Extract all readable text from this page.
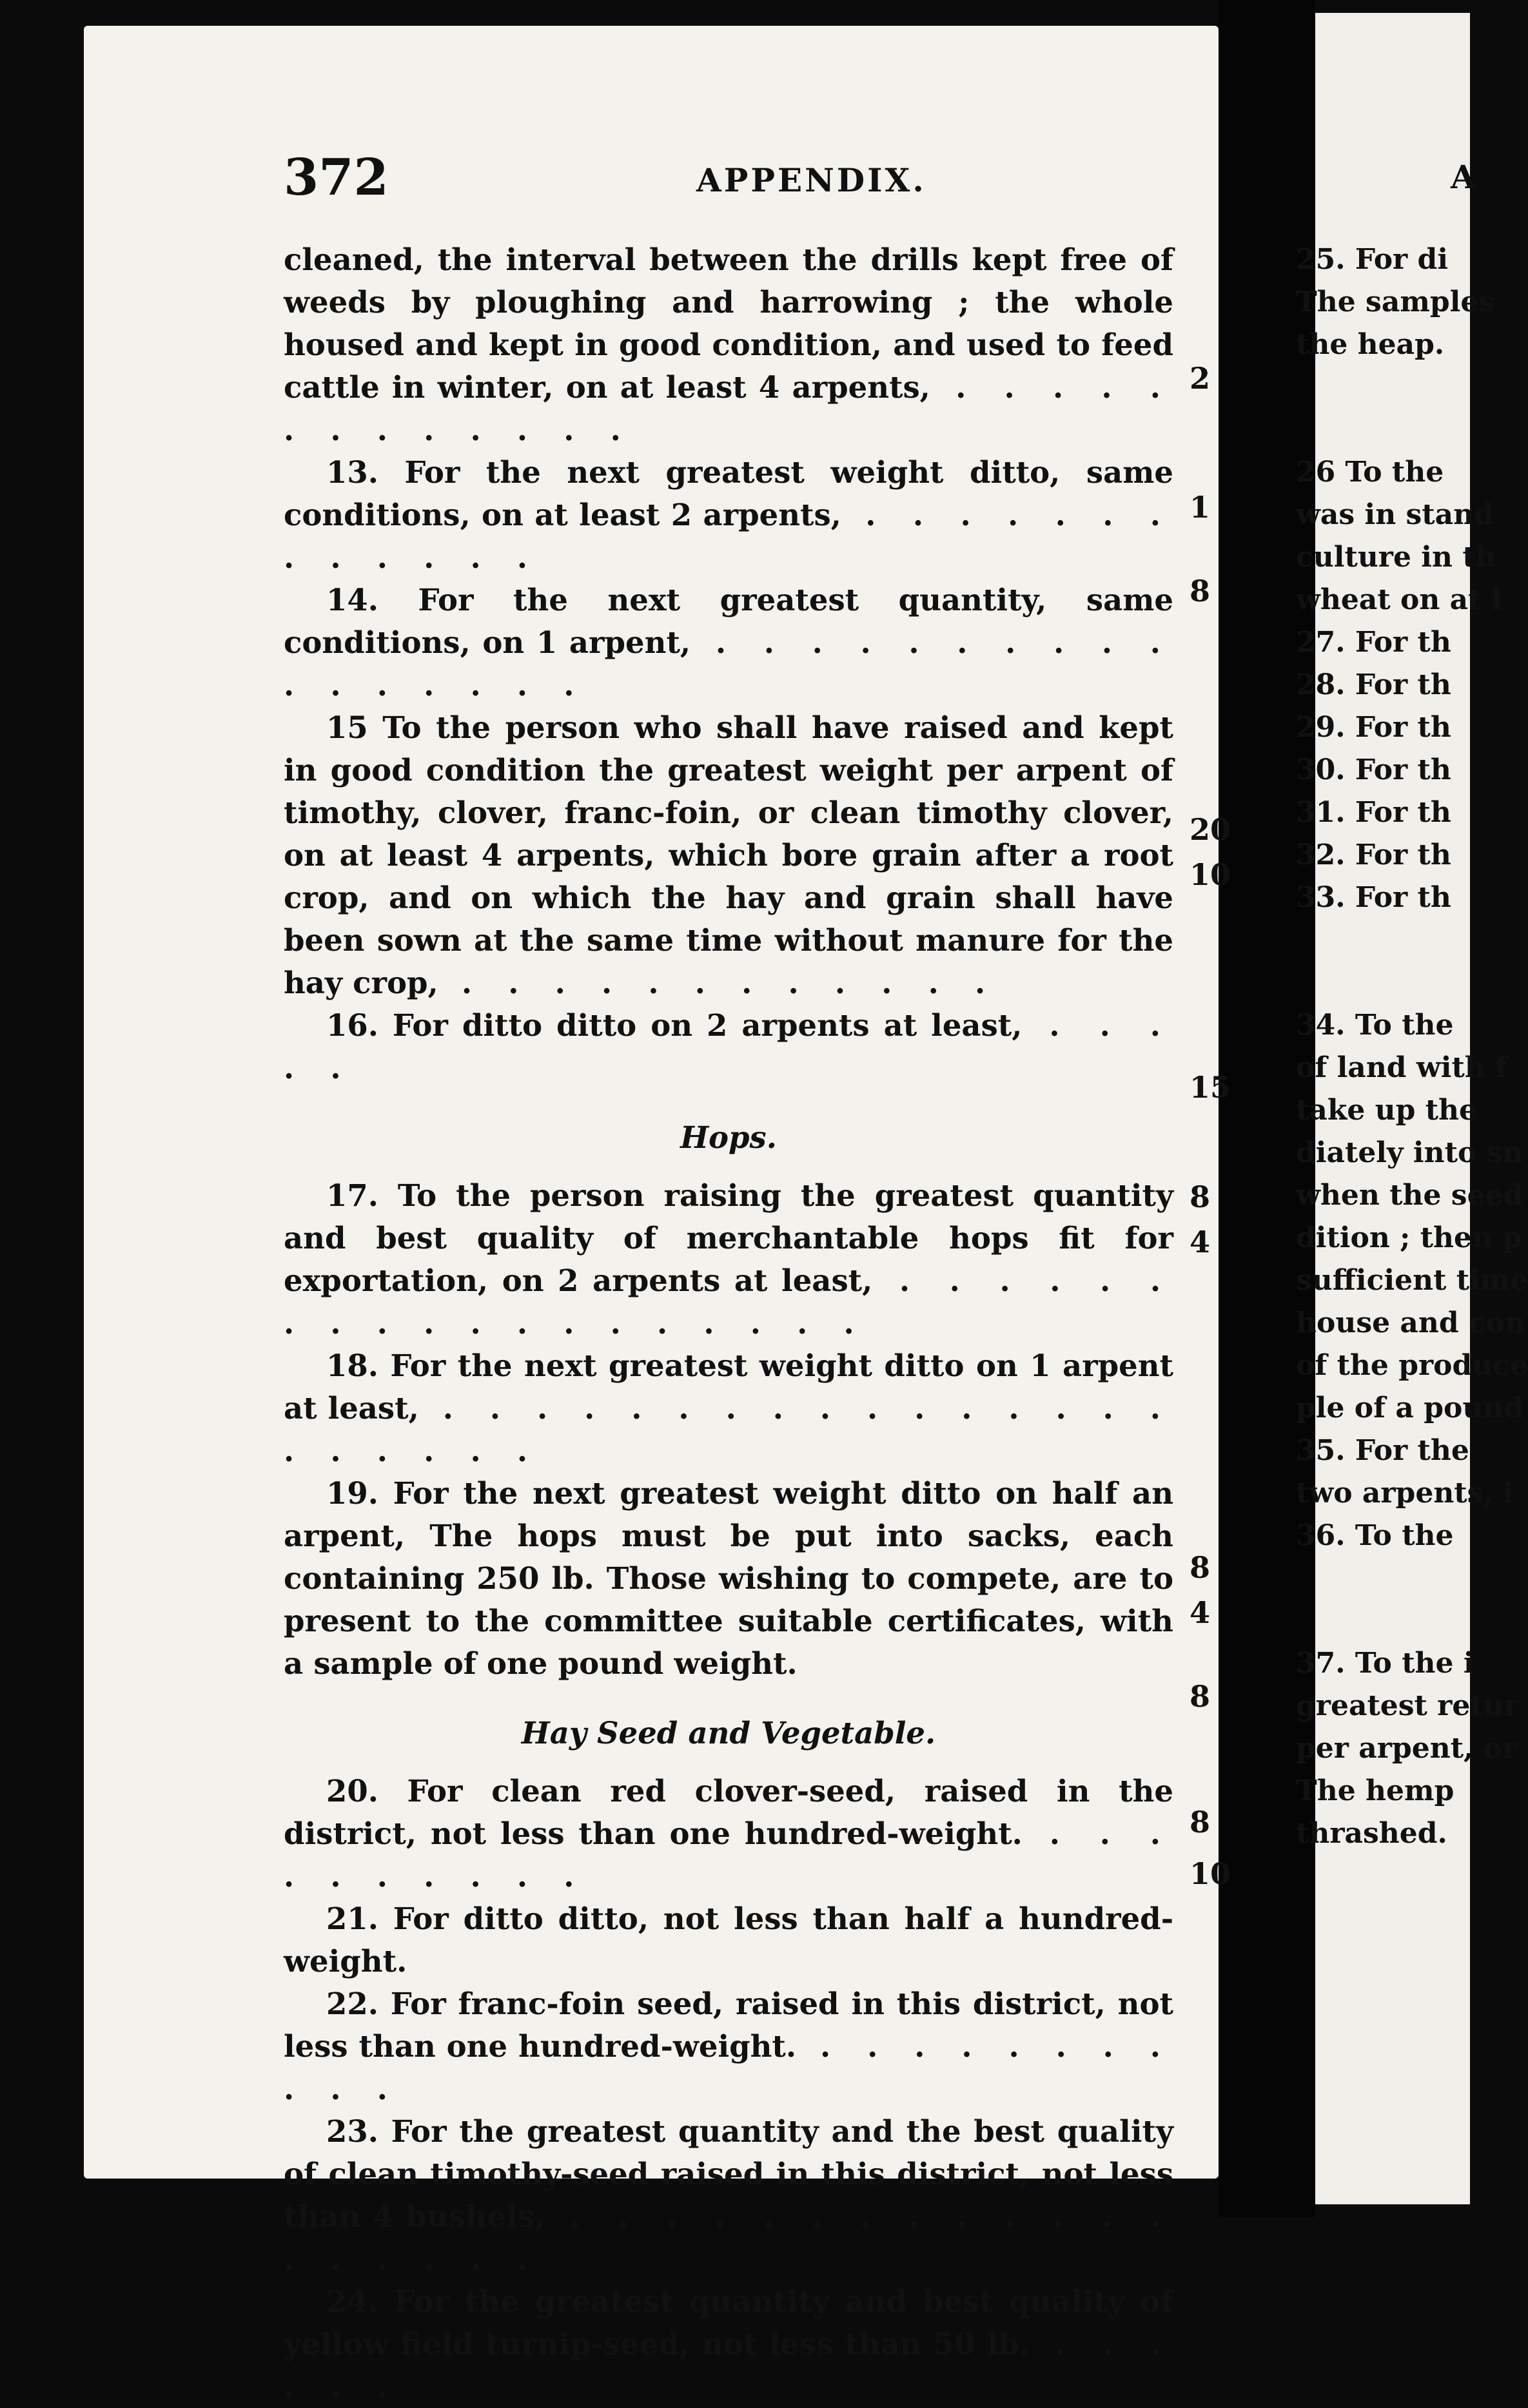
372	APPENDIX.

cleaned, the interval between the drills kept free of weeds by ploughing and harrowing ; the whole housed and kept in good condition, and used to feed cattle in winter, on at least 4 arpents, . . . . . . . . . . . . .

13. For the next greatest weight ditto, same conditions, on at least 2 arpents, . . . . . . . . . . . . .

14. For the next greatest quantity, same conditions, on 1 arpent, . . . . . . . . . . . . . . . . .

15 To the person who shall have raised and kept in good condition the greatest weight per arpent of timothy, clover, franc-foin, or clean timothy clover, on at least 4 arpents, which bore grain after a root crop, and on which the hay and grain shall have been sown at the same time without manure for the hay crop, . . . . . . . . . . . .

16. For ditto ditto on 2 arpents at least, . . . . .

Hops.

17. To the person raising the greatest quantity and best quality of merchantable hops fit for exportation, on 2 arpents at least, . . . . . . . . . . . . . . . . . . .

18. For the next greatest weight ditto on 1 arpent at least, . . . . . . . . . . . . . . . . . . . . . .

19. For the next greatest weight ditto on half an arpent, The hops must be put into sacks, each containing 250 lb. Those wishing to compete, are to present to the committee suitable certificates, with a sample of one pound weight.

Hay Seed and Vegetable.

20. For clean red clover-seed, raised in the district, not less than one hundred-weight. . . . . . . . . . .

21. For ditto ditto, not less than half a hundred-weight.

22. For franc-foin seed, raised in this district, not less than one hundred-weight. . . . . . . . . . . .

23. For the greatest quantity and the best quality of clean timothy-seed raised in this district, not less than 4 bushels, . . . . . . . . . . . . . . . . . . .

24. For the greatest quantity and best quality of yellow field turnip-seed, not less than 50 lb. . . . . . .

2
1
8
20
10
15
8
4
8
4
8
8
10
A
25. For di
The samples
the heap.
26 To the
was in stand
culture in th
wheat on at l
27. For th
28. For th
29. For th
30. For th
31. For th
32. For th
33. For th
34. To the
of land with f
take up the
diately into sn
when the seed
dition ; then p
sufficient time
house and con
of the produce
ple of a pound
35. For the
two arpents, i
36. To the
37. To the i
greatest retur
per arpent, or
The hemp
thrashed.
